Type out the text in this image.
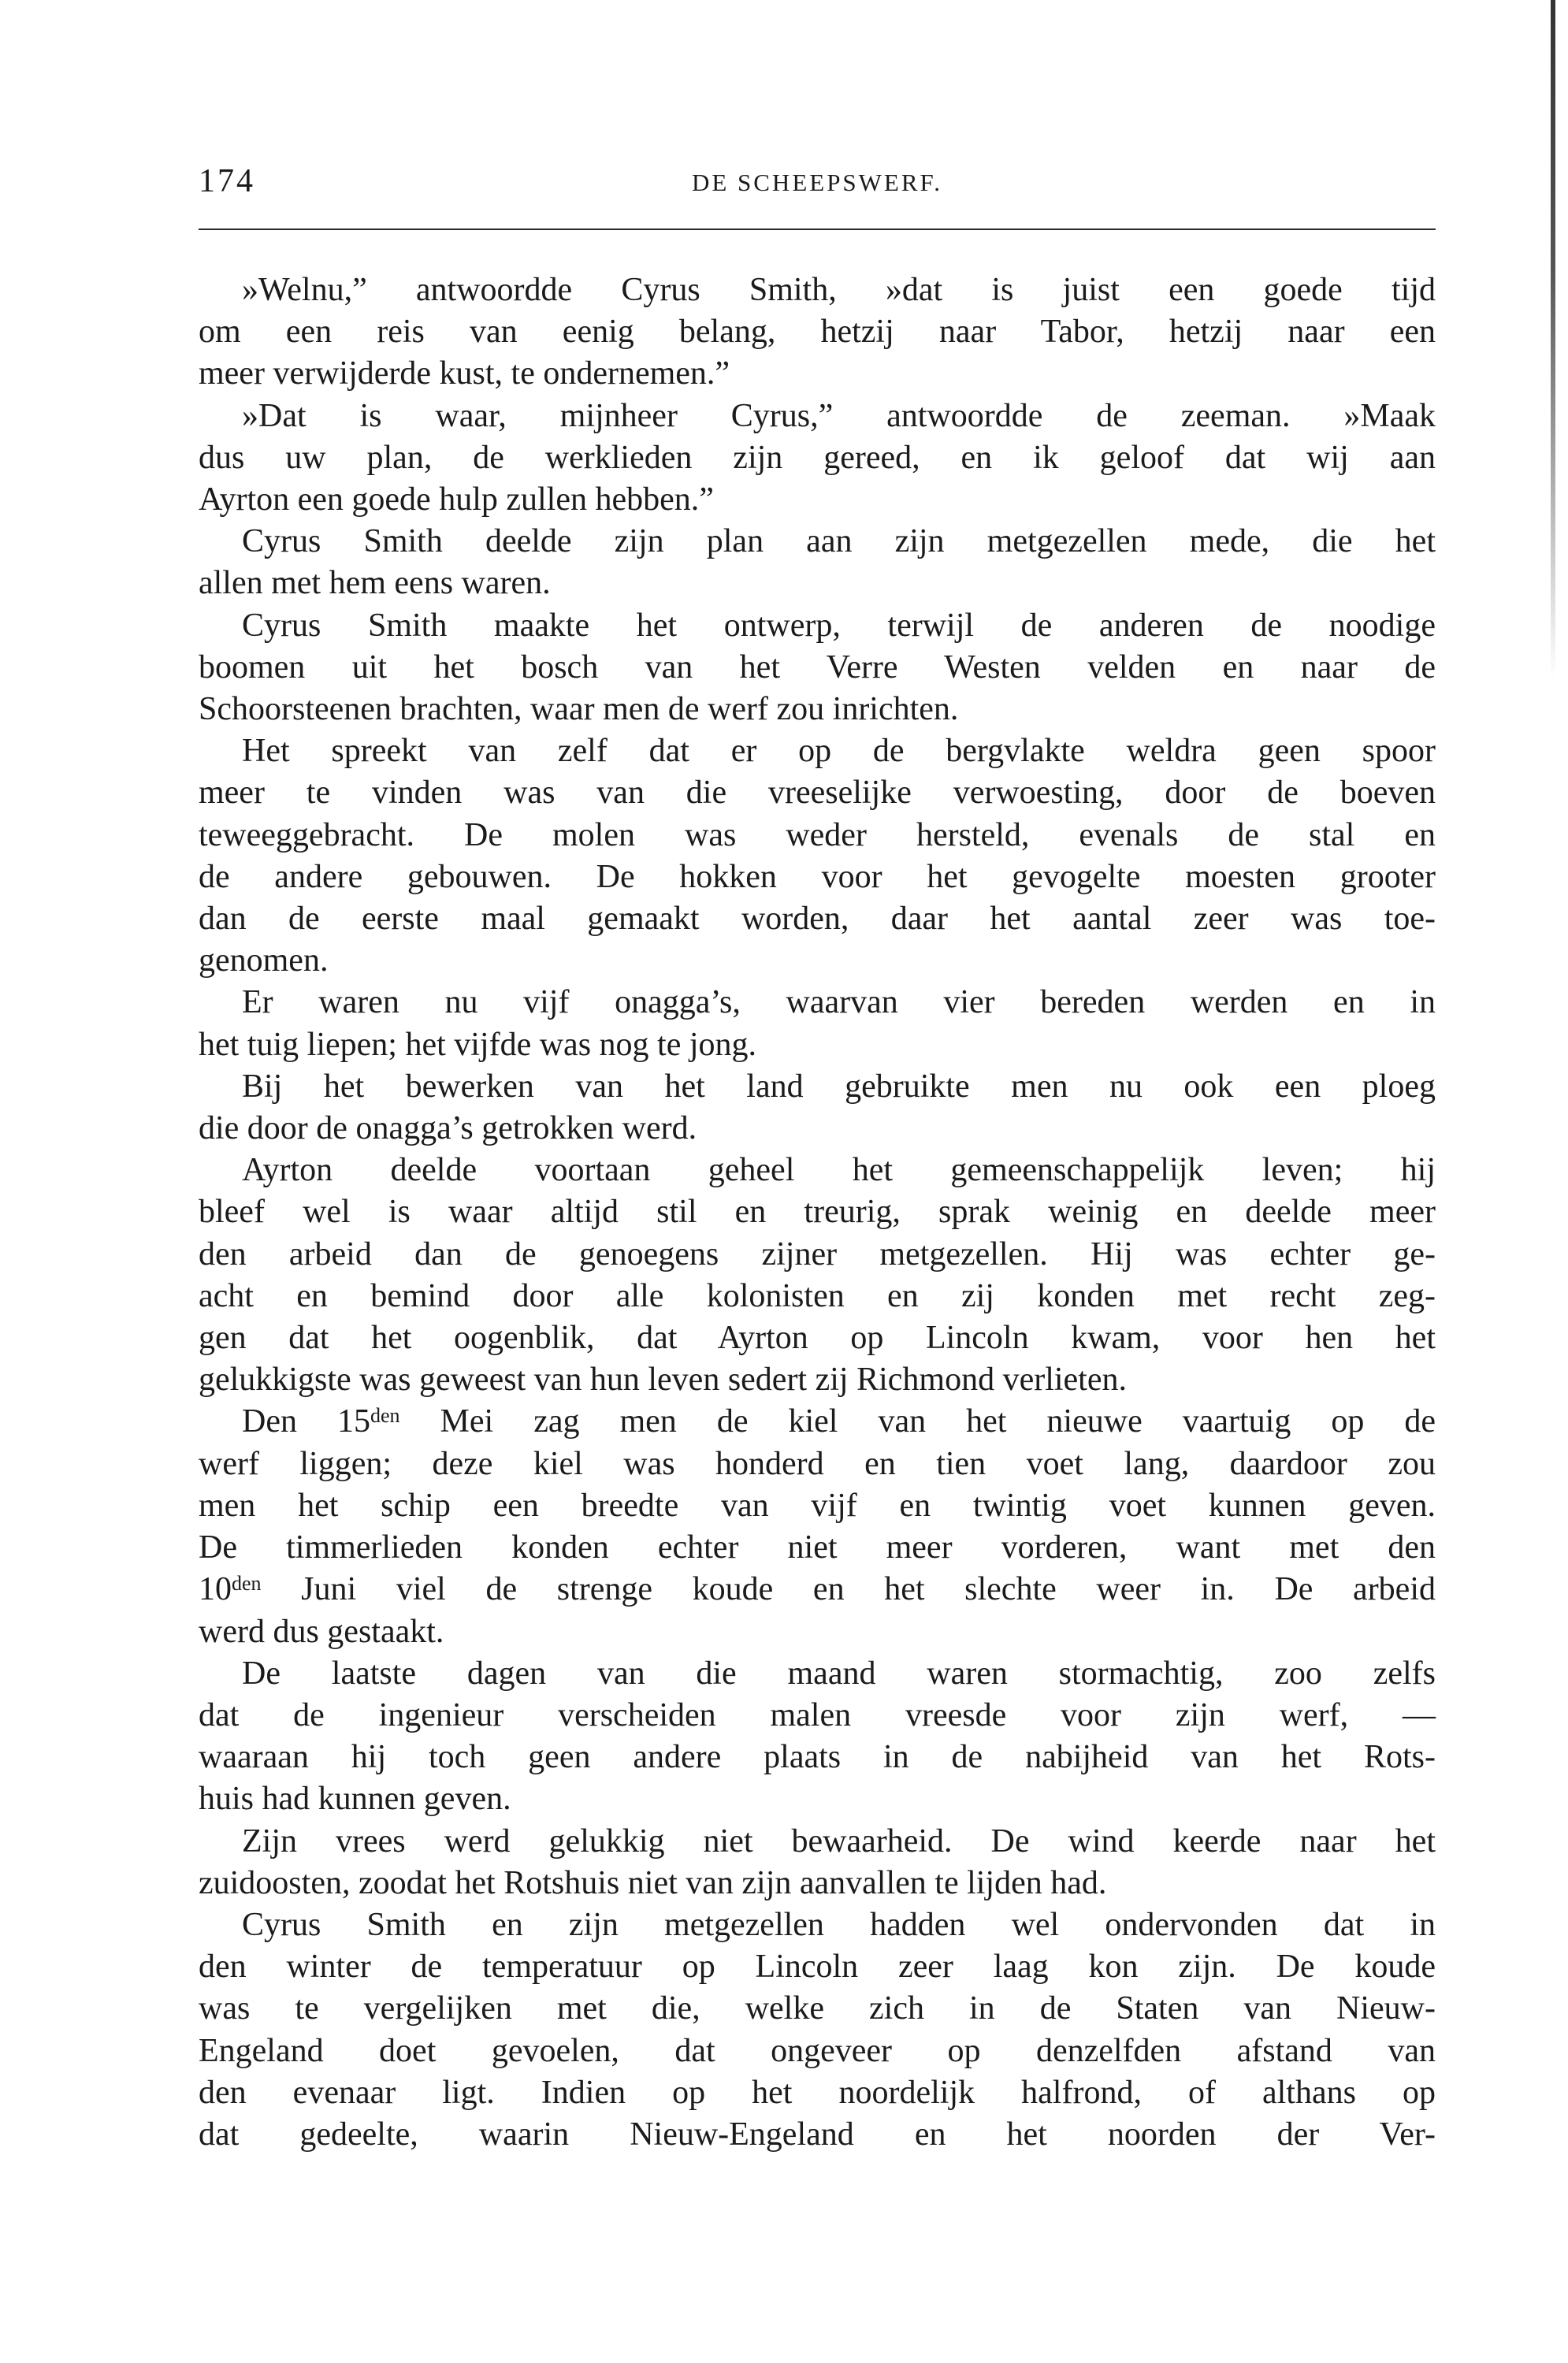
174	DE SCHEEPSWERF.
»Welnu,” antwoordde Cyrus Smith, »dat is juist een goede tijd
om een reis van eenig belang, hetzij naar Tabor, hetzij naar een
meer verwijderde kust, te ondernemen.”
»Dat is waar, mijnheer Cyrus,” antwoordde de zeeman. »Maak
dus uw plan, de werklieden zijn gereed, en ik geloof dat wij aan
Ayrton een goede hulp zullen hebben.”
Cyrus Smith deelde zijn plan aan zijn metgezellen mede, die het
allen met hem eens waren.
Cyrus Smith maakte het ontwerp, terwijl de anderen de noodige
boomen uit het bosch van het Verre Westen velden en naar de
Schoorsteenen brachten, waar men de werf zou inrichten.
Het spreekt van zelf dat er op de bergvlakte weldra geen spoor
meer te vinden was van die vreeselijke verwoesting, door de boeven
teweeggebracht. De molen was weder hersteld, evenals de stal en
de andere gebouwen. De hokken voor het gevogelte moesten grooter
dan de eerste maal gemaakt worden, daar het aantal zeer was toe-
genomen.
Er waren nu vijf onagga’s, waarvan vier bereden werden en in
het tuig liepen; het vijfde was nog te jong.
Bij het bewerken van het land gebruikte men nu ook een ploeg
die door de onagga’s getrokken werd.
Ayrton deelde voortaan geheel het gemeenschappelijk leven; hij
bleef wel is waar altijd stil en treurig, sprak weinig en deelde meer
den arbeid dan de genoegens zijner metgezellen. Hij was echter ge-
acht en bemind door alle kolonisten en zij konden met recht zeg-
gen dat het oogenblik, dat Ayrton op Lincoln kwam, voor hen het
gelukkigste was geweest van hun leven sedert zij Richmond verlieten.
Den $15^{den}$ Mei zag men de kiel van het nieuwe vaartuig op de
werf liggen; deze kiel was honderd en tien voet lang, daardoor zou
men het schip een breedte van vijf en twintig voet kunnen geven.
De timmerlieden konden echter niet meer vorderen, want met den
$10^{den}$ Juni viel de strenge koude en het slechte weer in. De arbeid
werd dus gestaakt.
De laatste dagen van die maand waren stormachtig, zoo zelfs
dat de ingenieur verscheiden malen vreesde voor zijn werf, —
waaraan hij toch geen andere plaats in de nabijheid van het Rots-
huis had kunnen geven.
Zijn vrees werd gelukkig niet bewaarheid. De wind keerde naar het
zuidoosten, zoodat het Rotshuis niet van zijn aanvallen te lijden had.
Cyrus Smith en zijn metgezellen hadden wel ondervonden dat in
den winter de temperatuur op Lincoln zeer laag kon zijn. De koude
was te vergelijken met die, welke zich in de Staten van Nieuw-
Engeland doet gevoelen, dat ongeveer op denzelfden afstand van
den evenaar ligt. Indien op het noordelijk halfrond, of althans op
dat gedeelte, waarin Nieuw-Engeland en het noorden der Ver-
